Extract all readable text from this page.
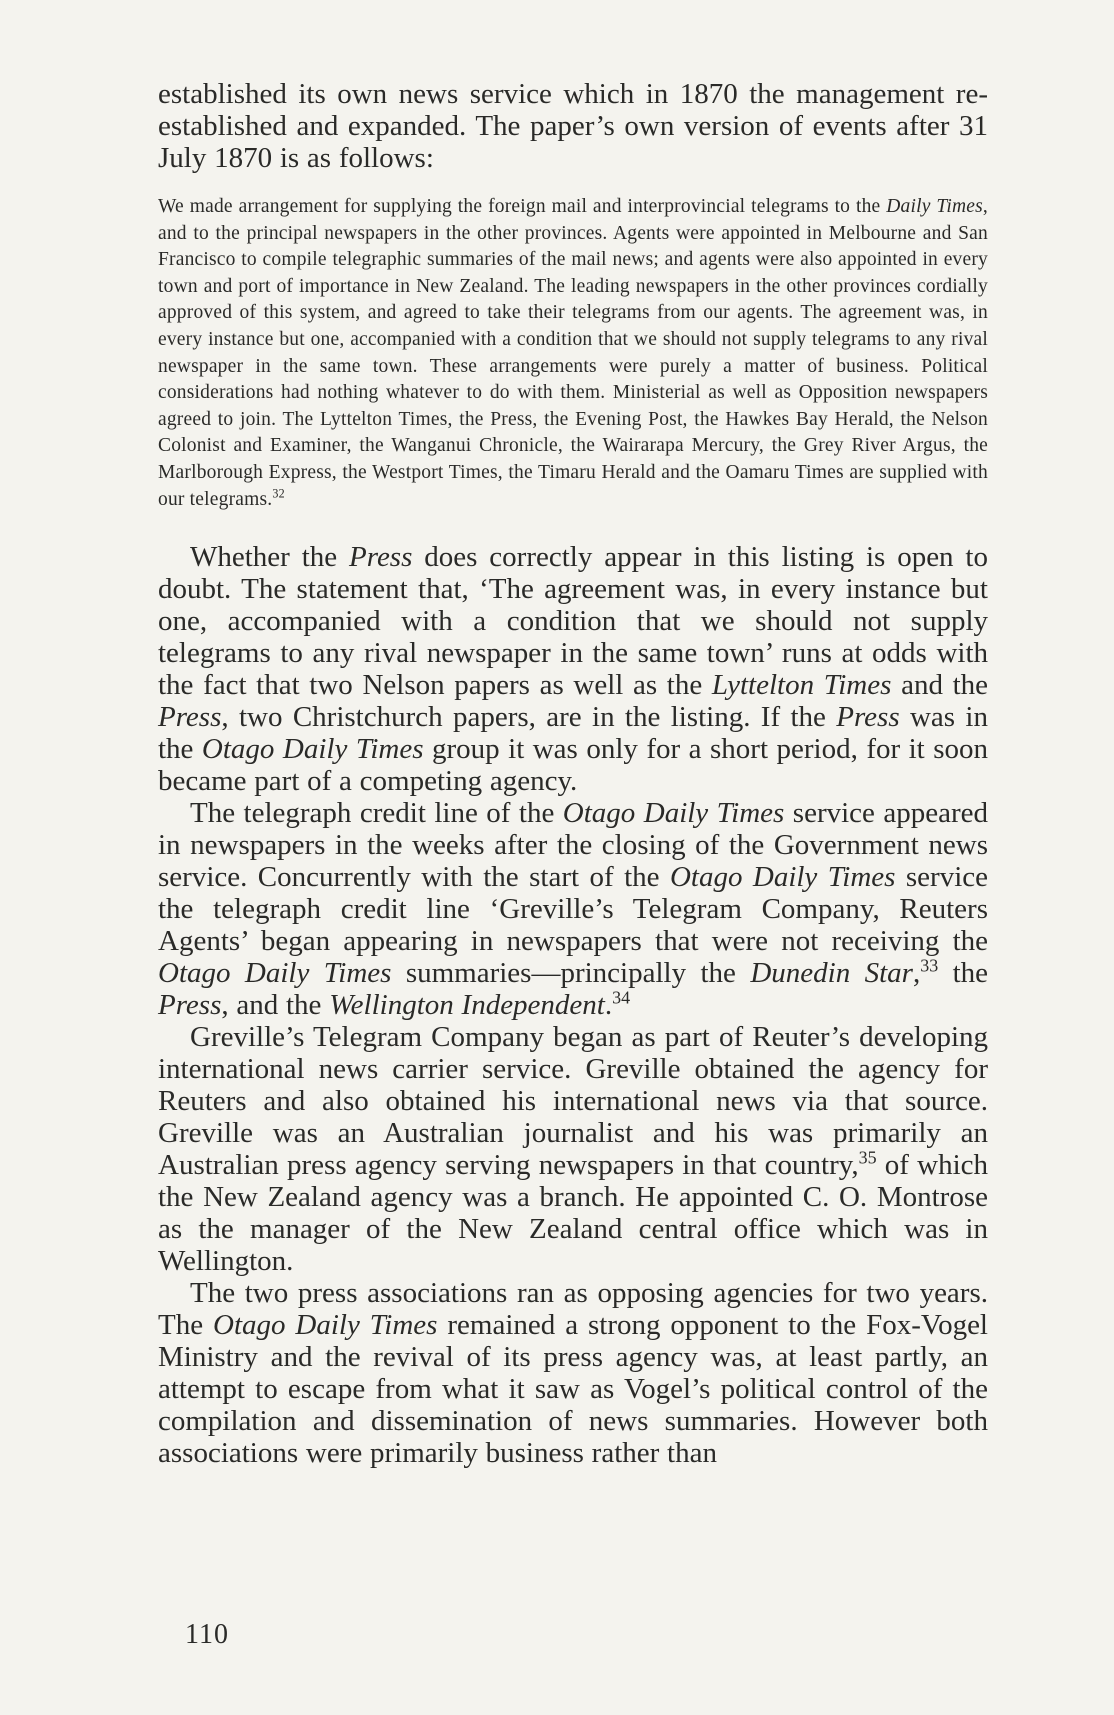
established its own news service which in 1870 the management re-established and expanded. The paper’s own version of events after 31 July 1870 is as follows:

We made arrangement for supplying the foreign mail and interprovincial telegrams to the Daily Times, and to the principal newspapers in the other provinces. Agents were appointed in Melbourne and San Francisco to compile telegraphic summaries of the mail news; and agents were also appointed in every town and port of importance in New Zealand. The leading newspapers in the other provinces cordially approved of this system, and agreed to take their telegrams from our agents. The agreement was, in every instance but one, accompanied with a condition that we should not supply telegrams to any rival newspaper in the same town. These arrangements were purely a matter of business. Political considerations had nothing whatever to do with them. Ministerial as well as Opposition newspapers agreed to join. The Lyttelton Times, the Press, the Evening Post, the Hawkes Bay Herald, the Nelson Colonist and Examiner, the Wanganui Chronicle, the Wairarapa Mercury, the Grey River Argus, the Marlborough Express, the Westport Times, the Timaru Herald and the Oamaru Times are supplied with our telegrams.$^{32}$

Whether the Press does correctly appear in this listing is open to doubt. The statement that, ‘The agreement was, in every instance but one, accompanied with a condition that we should not supply telegrams to any rival newspaper in the same town’ runs at odds with the fact that two Nelson papers as well as the Lyttelton Times and the Press, two Christchurch papers, are in the listing. If the Press was in the Otago Daily Times group it was only for a short period, for it soon became part of a competing agency.

The telegraph credit line of the Otago Daily Times service appeared in newspapers in the weeks after the closing of the Government news service. Concurrently with the start of the Otago Daily Times service the telegraph credit line ‘Greville’s Telegram Company, Reuters Agents’ began appearing in newspapers that were not receiving the Otago Daily Times summaries—principally the Dunedin Star,$^{33}$ the Press, and the Wellington Independent.$^{34}$

Greville’s Telegram Company began as part of Reuter’s developing international news carrier service. Greville obtained the agency for Reuters and also obtained his international news via that source. Greville was an Australian journalist and his was primarily an Australian press agency serving newspapers in that country,$^{35}$ of which the New Zealand agency was a branch. He appointed C. O. Montrose as the manager of the New Zealand central office which was in Wellington.

The two press associations ran as opposing agencies for two years. The Otago Daily Times remained a strong opponent to the Fox-Vogel Ministry and the revival of its press agency was, at least partly, an attempt to escape from what it saw as Vogel’s political control of the compilation and dissemination of news summaries. However both associations were primarily business rather than

110
